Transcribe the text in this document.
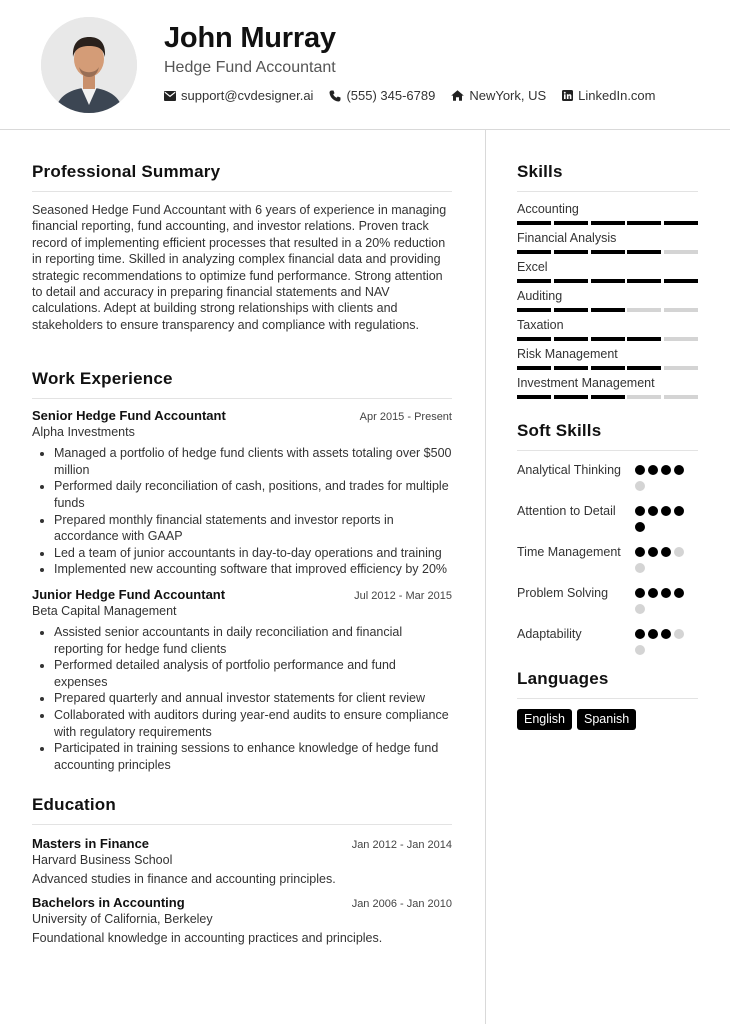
John Murray
Hedge Fund Accountant
support@cvdesigner.ai	(555) 345-6789	NewYork, US LinkedIn.com
Professional Summary
Seasoned Hedge Fund Accountant with 6 years of experience in managing financial reporting, fund accounting, and investor relations. Proven track record of implementing efficient processes that resulted in a 20% reduction in reporting time. Skilled in analyzing complex financial data and providing strategic recommendations to optimize fund performance. Strong attention to detail and accuracy in preparing financial statements and NAV calculations. Adept at building strong relationships with clients and stakeholders to ensure transparency and compliance with regulations.
Work Experience
Senior Hedge Fund Accountant	Apr 2015 - Present
Alpha Investments
• Managed a portfolio of hedge fund clients with assets totaling over $500 million
• Performed daily reconciliation of cash, positions, and trades for multiple funds
• Prepared monthly financial statements and investor reports in accordance with GAAP
• Led a team of junior accountants in day-to-day operations and training
• Implemented new accounting software that improved efficiency by 20%
Junior Hedge Fund Accountant	Jul 2012 - Mar 2015
Beta Capital Management
• Assisted senior accountants in daily reconciliation and financial reporting for hedge fund clients
• Performed detailed analysis of portfolio performance and fund expenses
• Prepared quarterly and annual investor statements for client review
• Collaborated with auditors during year-end audits to ensure compliance with regulatory requirements
• Participated in training sessions to enhance knowledge of hedge fund accounting principles
Education
Masters in Finance	Jan 2012 - Jan 2014
Harvard Business School
Advanced studies in finance and accounting principles.
Bachelors in Accounting	Jan 2006 - Jan 2010
University of California, Berkeley
Foundational knowledge in accounting practices and principles.
Skills
Accounting
Financial Analysis
Excel
Auditing
Taxation
Risk Management
Investment Management
Soft Skills
Analytical Thinking
Attention to Detail
Time Management
Problem Solving
Adaptability
Languages
English	Spanish
